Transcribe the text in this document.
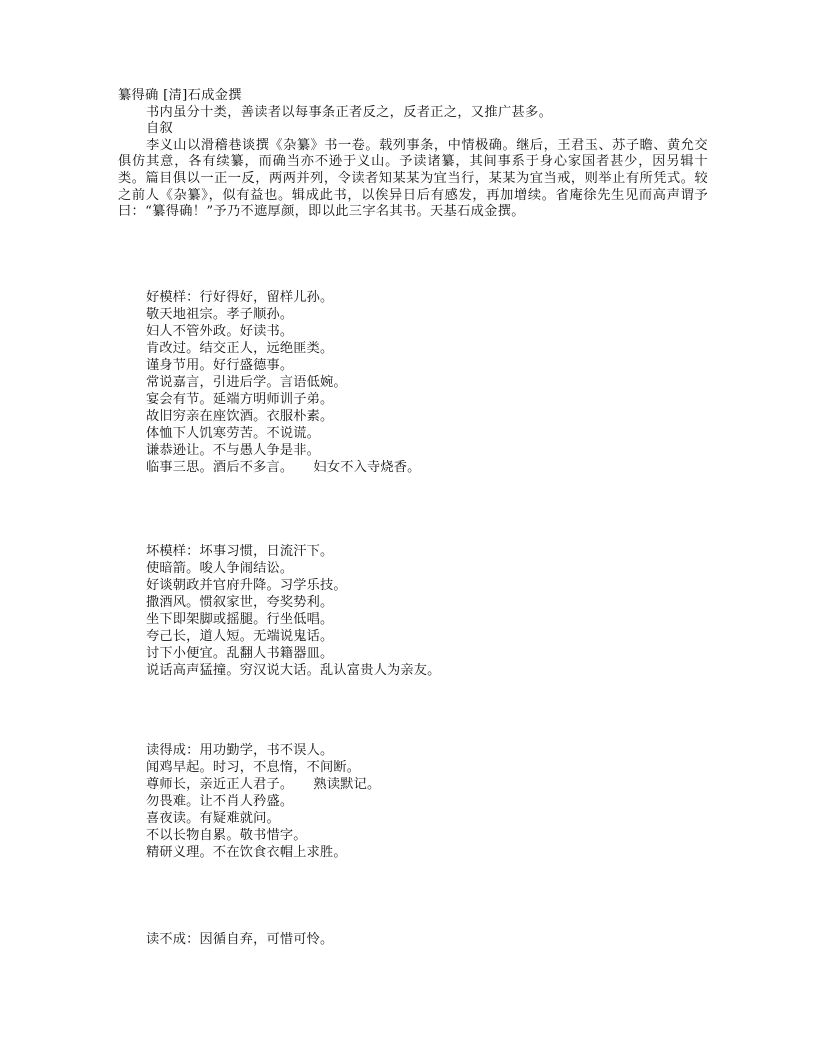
纂得确 [清]石成金撰

书内虽分十类，善读者以每事条正者反之，反者正之，又推广甚多。

自叙

李义山以滑稽巷谈撰《杂纂》书一卷。载列事条，中情极确。继后，王君玉、苏子瞻、黄允交俱仿其意，各有续纂，而确当亦不逊于义山。予读诸纂，其间事系于身心家国者甚少，因另辑十类。篇目俱以一正一反，两两并列，令读者知某某为宜当行，某某为宜当戒，则举止有所凭式。较之前人《杂纂》，似有益也。辑成此书，以俟异日后有感发，再加增续。省庵徐先生见而高声谓予曰：“纂得确！”予乃不遮厚颜，即以此三字名其书。天基石成金撰。

好模样：行好得好，留样儿孙。

敬天地祖宗。孝子顺孙。

妇人不管外政。好读书。

肯改过。结交正人，远绝匪类。

谨身节用。好行盛德事。

常说嘉言，引进后学。言语低婉。

宴会有节。延端方明师训子弟。

故旧穷亲在座饮酒。衣服朴素。

体恤下人饥寒劳苦。不说谎。

谦恭逊让。不与愚人争是非。

临事三思。酒后不多言。　　妇女不入寺烧香。

坏模样：坏事习惯，日流汗下。

使暗箭。唆人争闹结讼。

好谈朝政并官府升降。习学乐技。

撒酒风。惯叙家世，夸奖势利。

坐下即架脚或摇腿。行坐低唱。

夸己长，道人短。无端说鬼话。

讨下小便宜。乱翻人书籍器皿。

说话高声猛撞。穷汉说大话。乱认富贵人为亲友。

读得成：用功勤学，书不误人。

闻鸡早起。时习，不息惰，不间断。

尊师长，亲近正人君子。　　熟读默记。

勿畏难。让不肖人矜盛。

喜夜读。有疑难就问。

不以长物自累。敬书惜字。

精研义理。不在饮食衣帽上求胜。

读不成：因循自弃，可惜可怜。
